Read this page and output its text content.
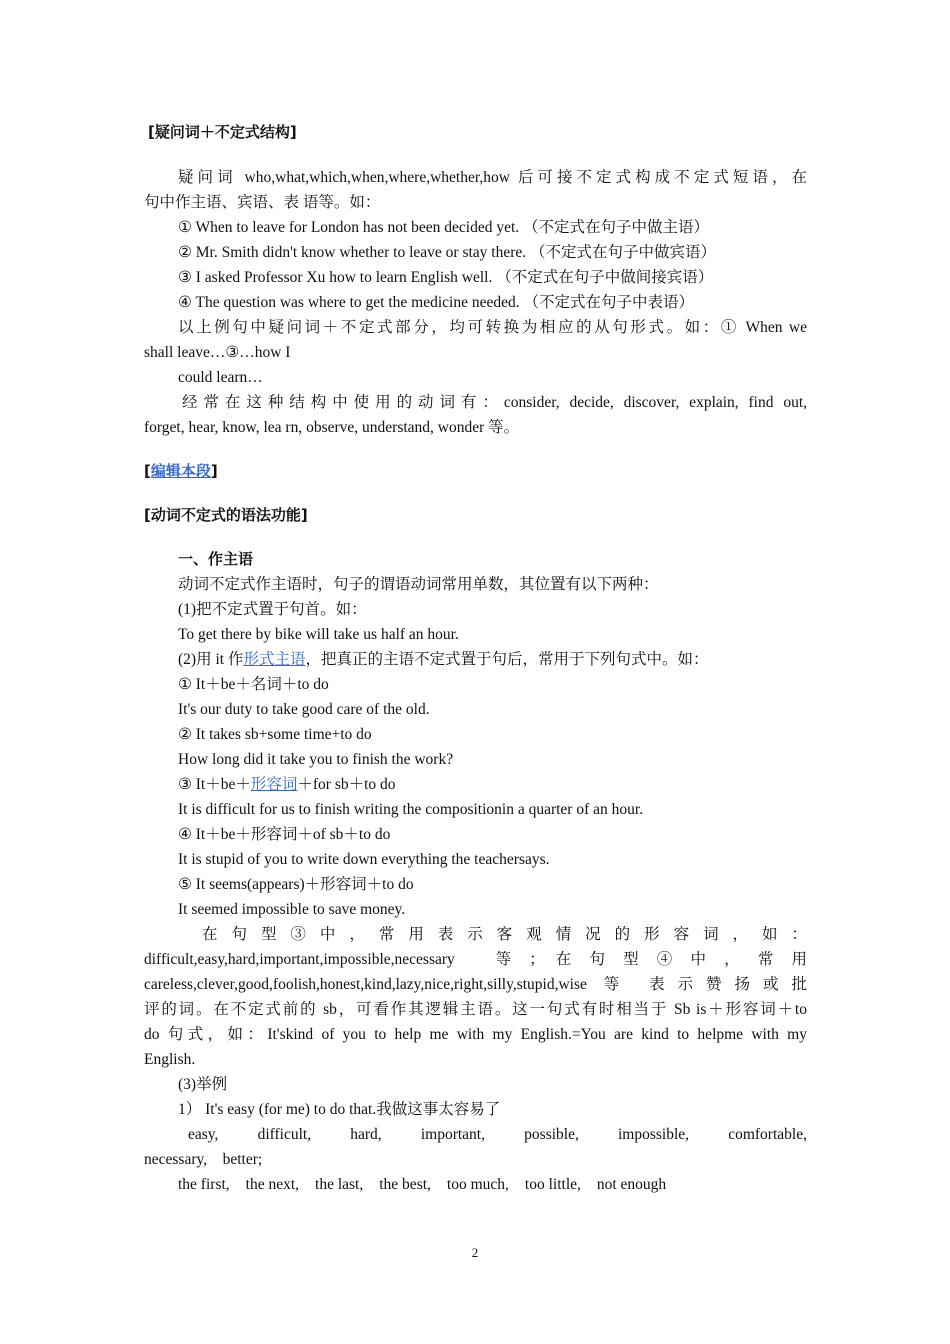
[疑问词＋不定式结构]
疑问词 who,what,which,when,where,whether,how 后可接不定式构成不定式短语，在
句中作主语、宾语、表 语等。如：
① When to leave for London has not been decided yet. （不定式在句子中做主语）
② Mr. Smith didn't know whether to leave or stay there. （不定式在句子中做宾语）
③ I asked Professor Xu how to learn English well. （不定式在句子中做间接宾语）
④ The question was where to get the medicine needed. （不定式在句子中表语）
以上例句中疑问词＋不定式部分，均可转换为相应的从句形式。如：① When we
shall leave…③…how I
could learn…
经常在这种结构中使用的动词有：consider, decide, discover, explain, find out,
forget, hear, know, lea rn, observe, understand, wonder 等。
[编辑本段]
[动词不定式的语法功能]
一、作主语
动词不定式作主语时，句子的谓语动词常用单数，其位置有以下两种：
(1)把不定式置于句首。如：
To get there by bike will take us half an hour.
(2)用 it 作形式主语，把真正的主语不定式置于句后，常用于下列句式中。如：
① It＋be＋名词＋to do
It's our duty to take good care of the old.
② It takes sb+some time+to do
How long did it take you to finish the work?
③ It＋be＋形容词＋for sb＋to do
It is difficult for us to finish writing the compositionin a quarter of an hour.
④ It＋be＋形容词＋of sb＋to do
It is stupid of you to write down everything the teachersays.
⑤ It seems(appears)＋形容词＋to do
It seemed impossible to save money.
在 句 型 ③ 中 ， 常 用 表 示 客 观 情 况 的 形 容 词 ， 如 ：
difficult,easy,hard,important,impossible,necessary　 等 ； 在 句 型 ④ 中 ， 常 用
careless,clever,good,foolish,honest,kind,lazy,nice,right,silly,stupid,wise 等 表示赞扬或批
评的词。在不定式前的 sb，可看作其逻辑主语。这一句式有时相当于 Sb is＋形容词＋to
do 句式，如：It'skind of you to help me with my English.=You are kind to helpme with my
English.
(3)举例
1） It's easy (for me) to do that.我做这事太容易了
easy,	difficult,	hard,	important,	possible,	impossible,	comfortable,
necessary,　better;
the first, the next, the last, the best, too much, too little, not enough
2
